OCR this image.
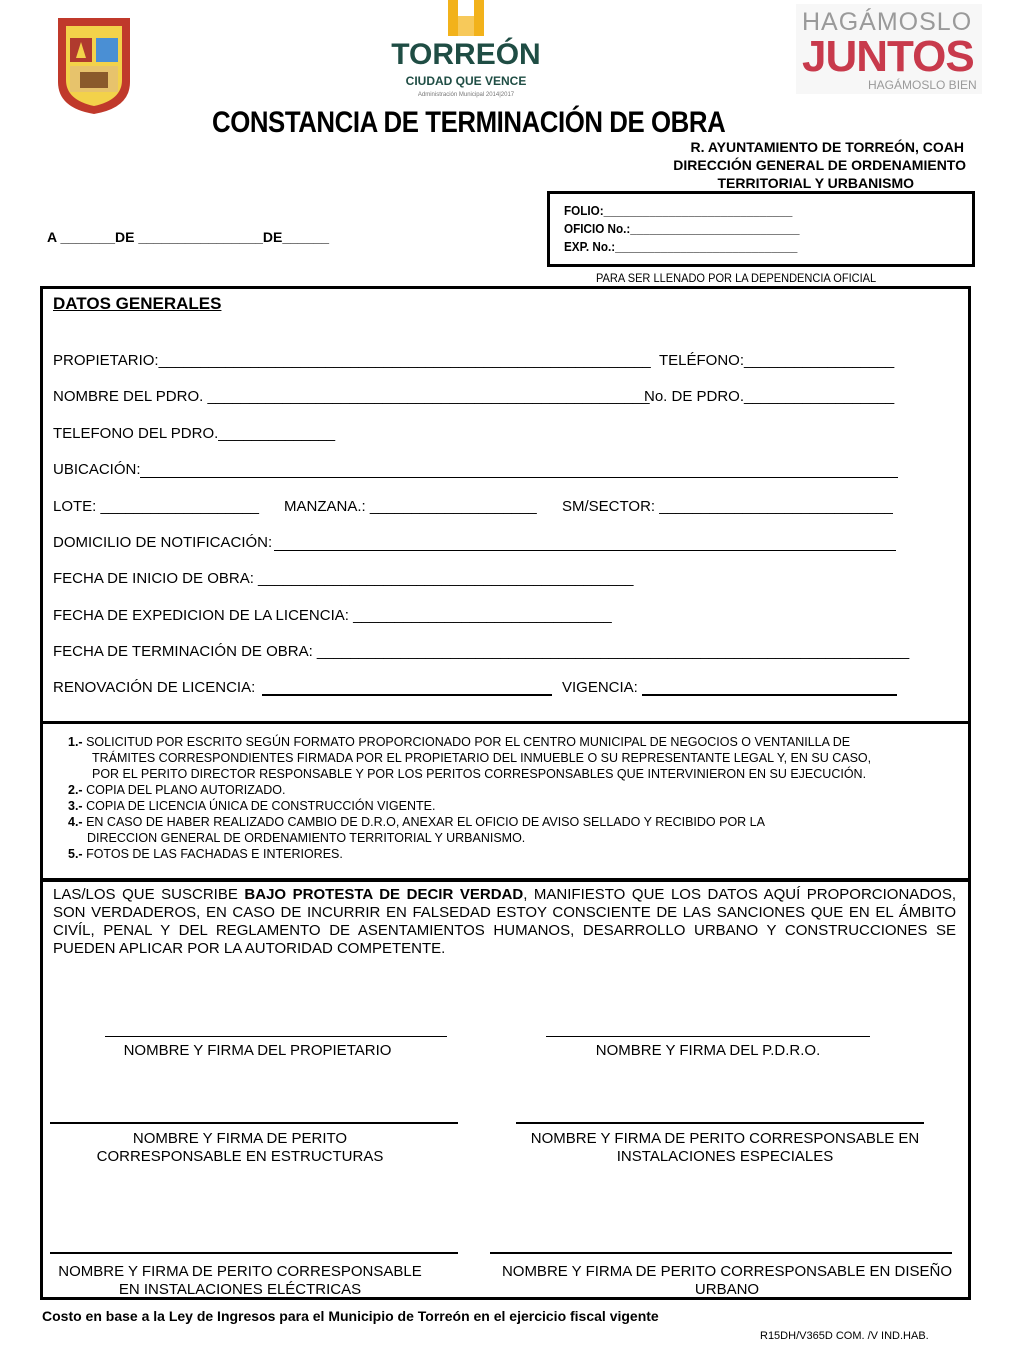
TORREÓN
CIUDAD QUE VENCE
Administración Municipal 2014|2017
HAGÁMOSLO
JUNTOS
HAGÁMOSLO BIEN
CONSTANCIA DE TERMINACIÓN DE OBRA
R. AYUNTAMIENTO DE TORREÓN, COAH
DIRECCIÓN GENERAL DE ORDENAMIENTO
TERRITORIAL Y URBANISMO
A _______DE ________________DE______
FOLIO:_____________________________
OFICIO No.:__________________________
EXP. No.:____________________________
PARA SER LLENADO POR LA DEPENDENCIA OFICIAL
DATOS GENERALES
PROPIETARIO:___________________________________________________________ TELÉFONO:__________________
NOMBRE DEL PDRO. _____________________________________________________
No. DE PDRO.__________________
TELEFONO DEL PDRO.______________
UBICACIÓN:
LOTE: ___________________ MANZANA.: ____________________ SM/SECTOR: ____________________________
DOMICILIO DE NOTIFICACIÓN:
FECHA DE INICIO DE OBRA: _____________________________________________
FECHA DE EXPEDICION DE LA LICENCIA: _______________________________
FECHA DE TERMINACIÓN DE OBRA: _______________________________________________________________________
RENOVACIÓN DE LICENCIA:	VIGENCIA:
1.- SOLICITUD POR ESCRITO SEGÚN FORMATO PROPORCIONADO POR EL CENTRO MUNICIPAL DE NEGOCIOS O VENTANILLA DE
TRÁMITES CORRESPONDIENTES FIRMADA POR EL PROPIETARIO DEL INMUEBLE O SU REPRESENTANTE LEGAL Y, EN SU CASO,
POR EL PERITO DIRECTOR RESPONSABLE Y POR LOS PERITOS CORRESPONSABLES QUE INTERVINIERON EN SU EJECUCIÓN.
2.- COPIA DEL PLANO AUTORIZADO.
3.- COPIA DE LICENCIA ÚNICA DE CONSTRUCCIÓN VIGENTE.
4.- EN CASO DE HABER REALIZADO CAMBIO DE D.R.O, ANEXAR EL OFICIO DE AVISO SELLADO Y RECIBIDO POR LA
DIRECCION GENERAL DE ORDENAMIENTO TERRITORIAL Y URBANISMO.
5.- FOTOS DE LAS FACHADAS E INTERIORES.
LAS/LOS QUE SUSCRIBE BAJO PROTESTA DE DECIR VERDAD, MANIFIESTO QUE LOS DATOS AQUÍ PROPORCIONADOS, SON VERDADEROS, EN CASO DE INCURRIR EN FALSEDAD ESTOY CONSCIENTE DE LAS SANCIONES QUE EN EL ÁMBITO CIVÍL, PENAL Y DEL REGLAMENTO DE ASENTAMIENTOS HUMANOS, DESARROLLO URBANO Y CONSTRUCCIONES SE PUEDEN APLICAR POR LA AUTORIDAD COMPETENTE.
NOMBRE Y FIRMA DEL PROPIETARIO	NOMBRE Y FIRMA DEL P.D.R.O.
NOMBRE Y FIRMA DE PERITO
CORRESPONSABLE EN ESTRUCTURAS
NOMBRE Y FIRMA DE PERITO CORRESPONSABLE EN
INSTALACIONES ESPECIALES
NOMBRE Y FIRMA DE PERITO CORRESPONSABLE
EN INSTALACIONES ELÉCTRICAS
NOMBRE Y FIRMA DE PERITO CORRESPONSABLE EN DISEÑO
URBANO
Costo en base a la Ley de Ingresos para el Municipio de Torreón en el ejercicio fiscal vigente
R15DH/V365D COM. /V IND.HAB.
